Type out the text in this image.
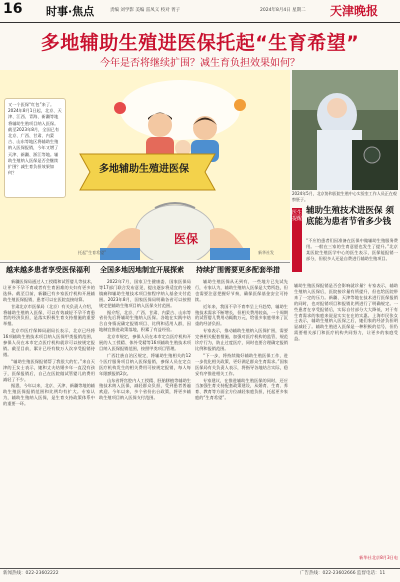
16 时事·焦点	责编 刘学影 美编 雷凤义 校对 胥子	2024年8月4日 星期二 天津晚报
多地辅助生殖进医保托起“生育希望”
今年是否将继续扩围？减生育负担效果如何？
又一个医保“红包”来了。2024年8月1日起，北京、天津、江西、青海、新疆等地将辅助生殖项目纳入医保。截至2023年8月，全国已有北京、广西、甘肃、内蒙古、山东等地区将辅助生殖纳入医保报销，今年又增了天津、新疆、浙江等地。辅助生殖纳入医保是否会继续扩围？减生育负担效果如何？	多地辅助生殖进医保
医保
托起“生育希望”	新华社发
2024年5月，北京协和医院生殖中心实验室工作人员正在观察胚子。
医生提醒
辅助生殖技术进医保 须底能为患者节省多少钱
“不应怕患者们因准备在医保中做辅助生殖服务费用。一般在三家的生育意愿也发生了提升。”北京某医院生殖医学中心的医生表示，医保能报销一部分，但很多人还是自费进行辅助生殖项目。
辅助生殖医保报销是否会影响就诊量？专家表示，辅助生殖纳入医保后，医院接诊量有所提升，但也给医院带来了一定的压力。新疆、天津等地在技术进行医保报销的同时，也对报销项目和报销比例进行了明确规定。一些患者在享受报销后，实际自付部分大大降低，对于有生育需求的家庭来说是实实在在的实惠。上海市民张女士表示，辅助生殖纳入医保之后，她们家的经济负担明显减轻了。辅助生殖进入医保是一种积极的信号，但仍需要相关部门和医疗机构共同努力，让更多的家庭受益。
新华社北京8月3日电
越来越多患者享受医保福利

新疆医保局通过人工授精和试管婴儿等技术，让更多不孕不育或者有生育困难的夫妇有更多的选择。截至目前，新疆已有多家医疗机构开展辅助生殖医保报销，患者可以在医院直接结算。

甘肃北京市医保局（北京）有关负责人介绍，将辅助生殖纳入医保，可以有效减轻不孕不育患者的经济负担，是落实积极生育支持措施的重要举措。

北京市医疗保障局副局长表示，北京已经将16项辅助生殖技术项目纳入医保甲类报销范围，参保人员在本市定点医疗机构就诊可以按规定报销。截至目前，累计已经有数万人次享受报销待遇。

“辅助生殖医保报销帮了我很大的忙。”来自天津的王女士表示，她和丈夫结婚多年一直没有孩子，医保报销后，自己在医院做试管婴儿的费用减轻了不少。

据悉，今年以来，北京、天津、新疆等地的辅助生殖医保报销范围和比例均有扩大。专家认为，辅助生殖纳入医保，是生育支持政策体系中的重要一环。

全国多地因地制宜开展探索

2022年7月，国家卫生健康委、国家医保局等17部门联合发布意见，提出逐步将适宜的分娩镇痛和辅助生殖技术项目按程序纳入基金支付范围。2023年8月，国家医保局明确各省可以按照规定把辅助生殖项目纳入医保支付范围。

据介绍，北京、广西、甘肃、内蒙古、山东等省份先后将辅助生殖纳入医保。各地在实践中结合自身情况确定报销项目、比例和适用人群，因地制宜推进政策落地，积累了有益经验。

北京市规定，参保人员在本市定点医疗机构开展的人工授精、体外受精等16项辅助生殖技术项目纳入医保报销范围，按照甲类项目管理。

广西壮族自治区规定，将辅助生殖相关的12个医疗服务项目纳入医保报销，参保人员在定点医疗机构发生的相关费用可按规定报销，每人每年限额报销2次。

山东省将宫腔内人工授精、胚胎移植等辅助生殖技术纳入医保，减轻群众负担，受到患者普遍欢迎。今年以来，多个省份出台政策，将更多辅助生殖项目纳入医保支付范围。

持续扩围需要更多配套举措

辅助生殖医保从无到有，一些地方已先试先行，专家认为，辅助生殖纳入医保是大势所趋，但也需要注意把握好节奏，确保医保基金安全可持续。

近年来，我国不孕不育率呈上升趋势，辅助生殖技术需求不断增长，但相关费用较高，一个周期的试管婴儿费用动辄数万元，给很多家庭带来了沉重的经济负担。

专家表示，推动辅助生殖纳入医保扩围，需要完善相关配套措施，加强对医疗机构的监管，规范诊疗行为，防止过度医疗，同时也要合理确定报销比例和报销范围。

“下一步，将持续做好辅助生殖医保工作，进一步优化相关政策，更好满足群众生育需求。”国家医保局有关负责人表示，将指导各地结合实际，稳妥有序推进相关工作。

专家建议，在推进辅助生殖医保的同时，还应当加强生育支持配套政策建设，从婚育、生育、养育、教育等方面全方位减轻家庭负担，托起更多家庭的“生育希望”。

新闻热线：022-23602222	广告热线：022-23602666 监督电话：11
